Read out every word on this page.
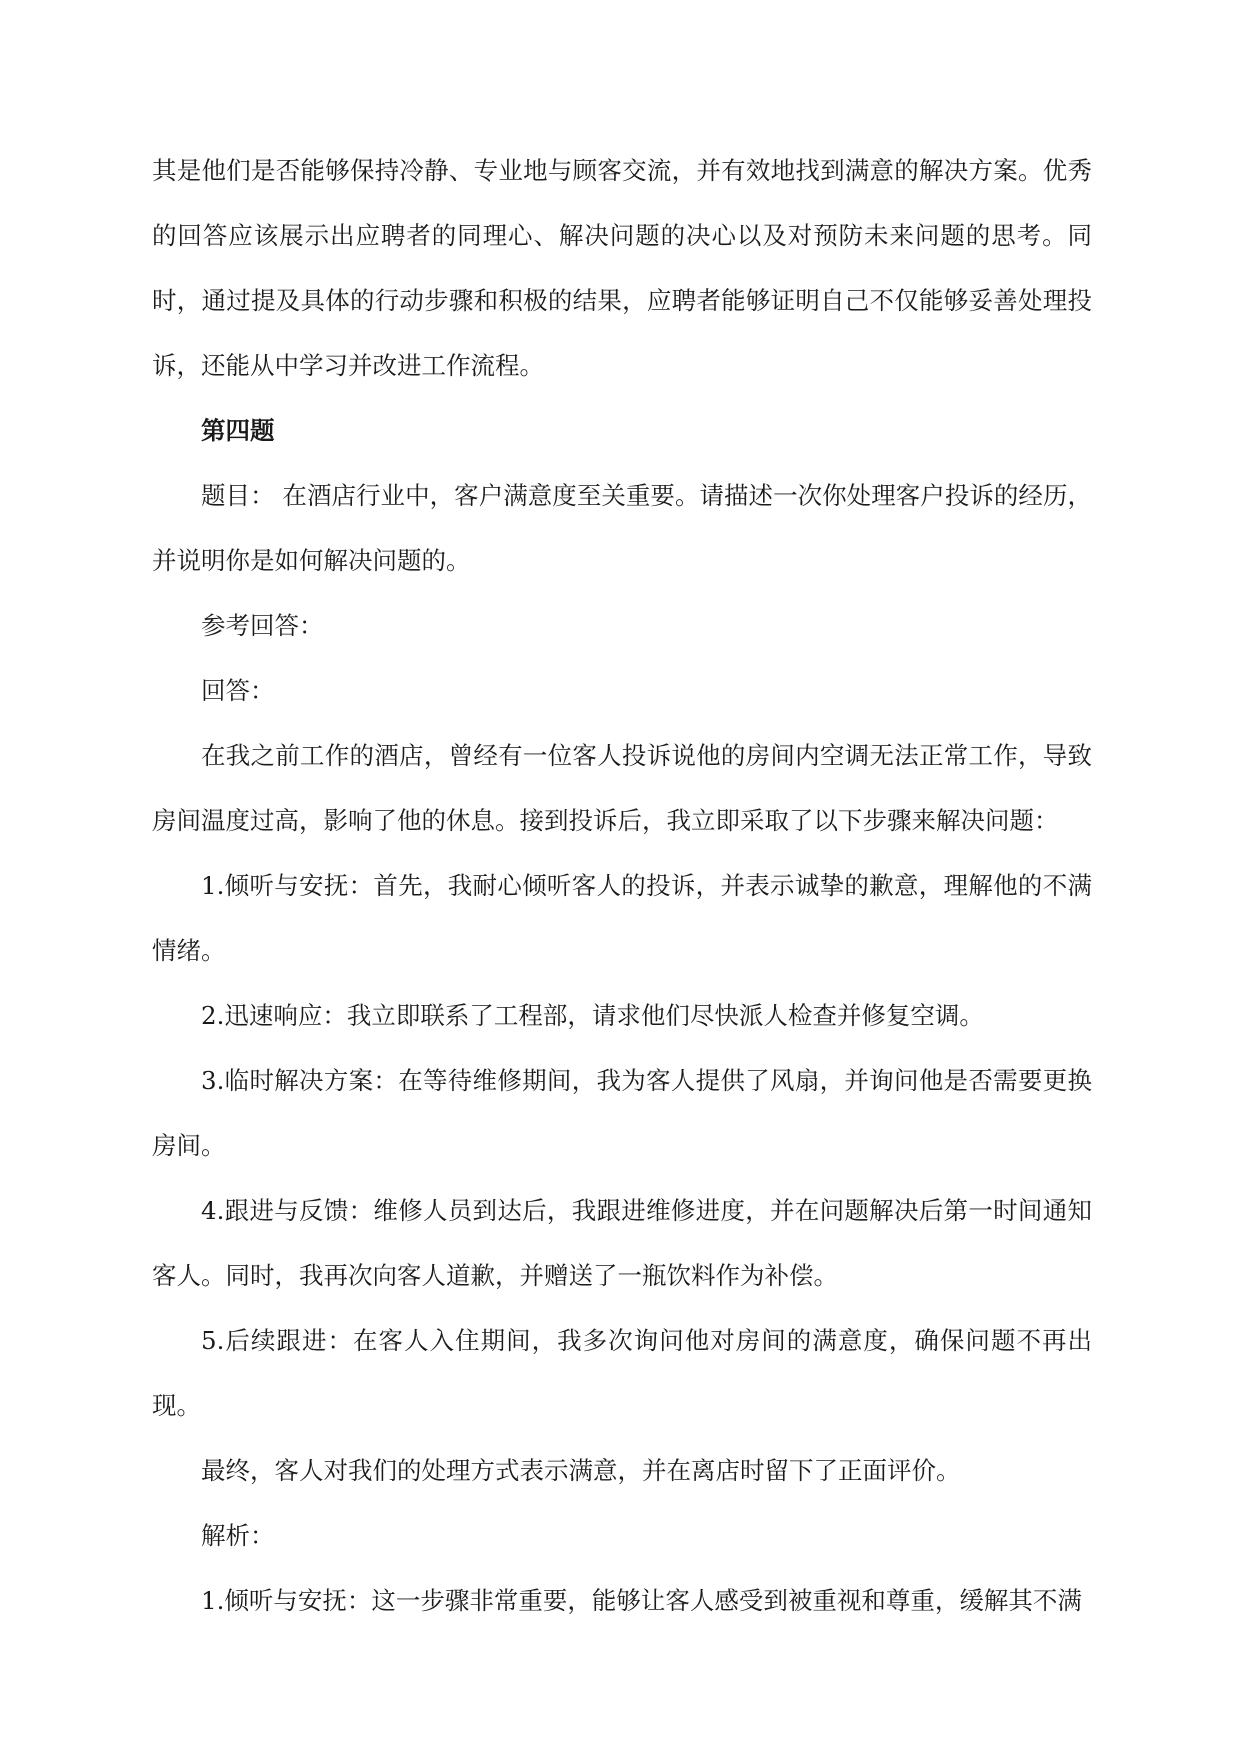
其是他们是否能够保持冷静、专业地与顾客交流，并有效地找到满意的解决方案。优秀的回答应该展示出应聘者的同理心、解决问题的决心以及对预防未来问题的思考。同时，通过提及具体的行动步骤和积极的结果，应聘者能够证明自己不仅能够妥善处理投诉，还能从中学习并改进工作流程。

第四题

题目： 在酒店行业中，客户满意度至关重要。请描述一次你处理客户投诉的经历，并说明你是如何解决问题的。

参考回答：

回答：

在我之前工作的酒店，曾经有一位客人投诉说他的房间内空调无法正常工作，导致房间温度过高，影响了他的休息。接到投诉后，我立即采取了以下步骤来解决问题：

1.倾听与安抚：首先，我耐心倾听客人的投诉，并表示诚挚的歉意，理解他的不满情绪。

2.迅速响应：我立即联系了工程部，请求他们尽快派人检查并修复空调。

3.临时解决方案：在等待维修期间，我为客人提供了风扇，并询问他是否需要更换房间。

4.跟进与反馈：维修人员到达后，我跟进维修进度，并在问题解决后第一时间通知客人。同时，我再次向客人道歉，并赠送了一瓶饮料作为补偿。

5.后续跟进：在客人入住期间，我多次询问他对房间的满意度，确保问题不再出现。

最终，客人对我们的处理方式表示满意，并在离店时留下了正面评价。

解析：

1.倾听与安抚：这一步骤非常重要，能够让客人感受到被重视和尊重，缓解其不满
